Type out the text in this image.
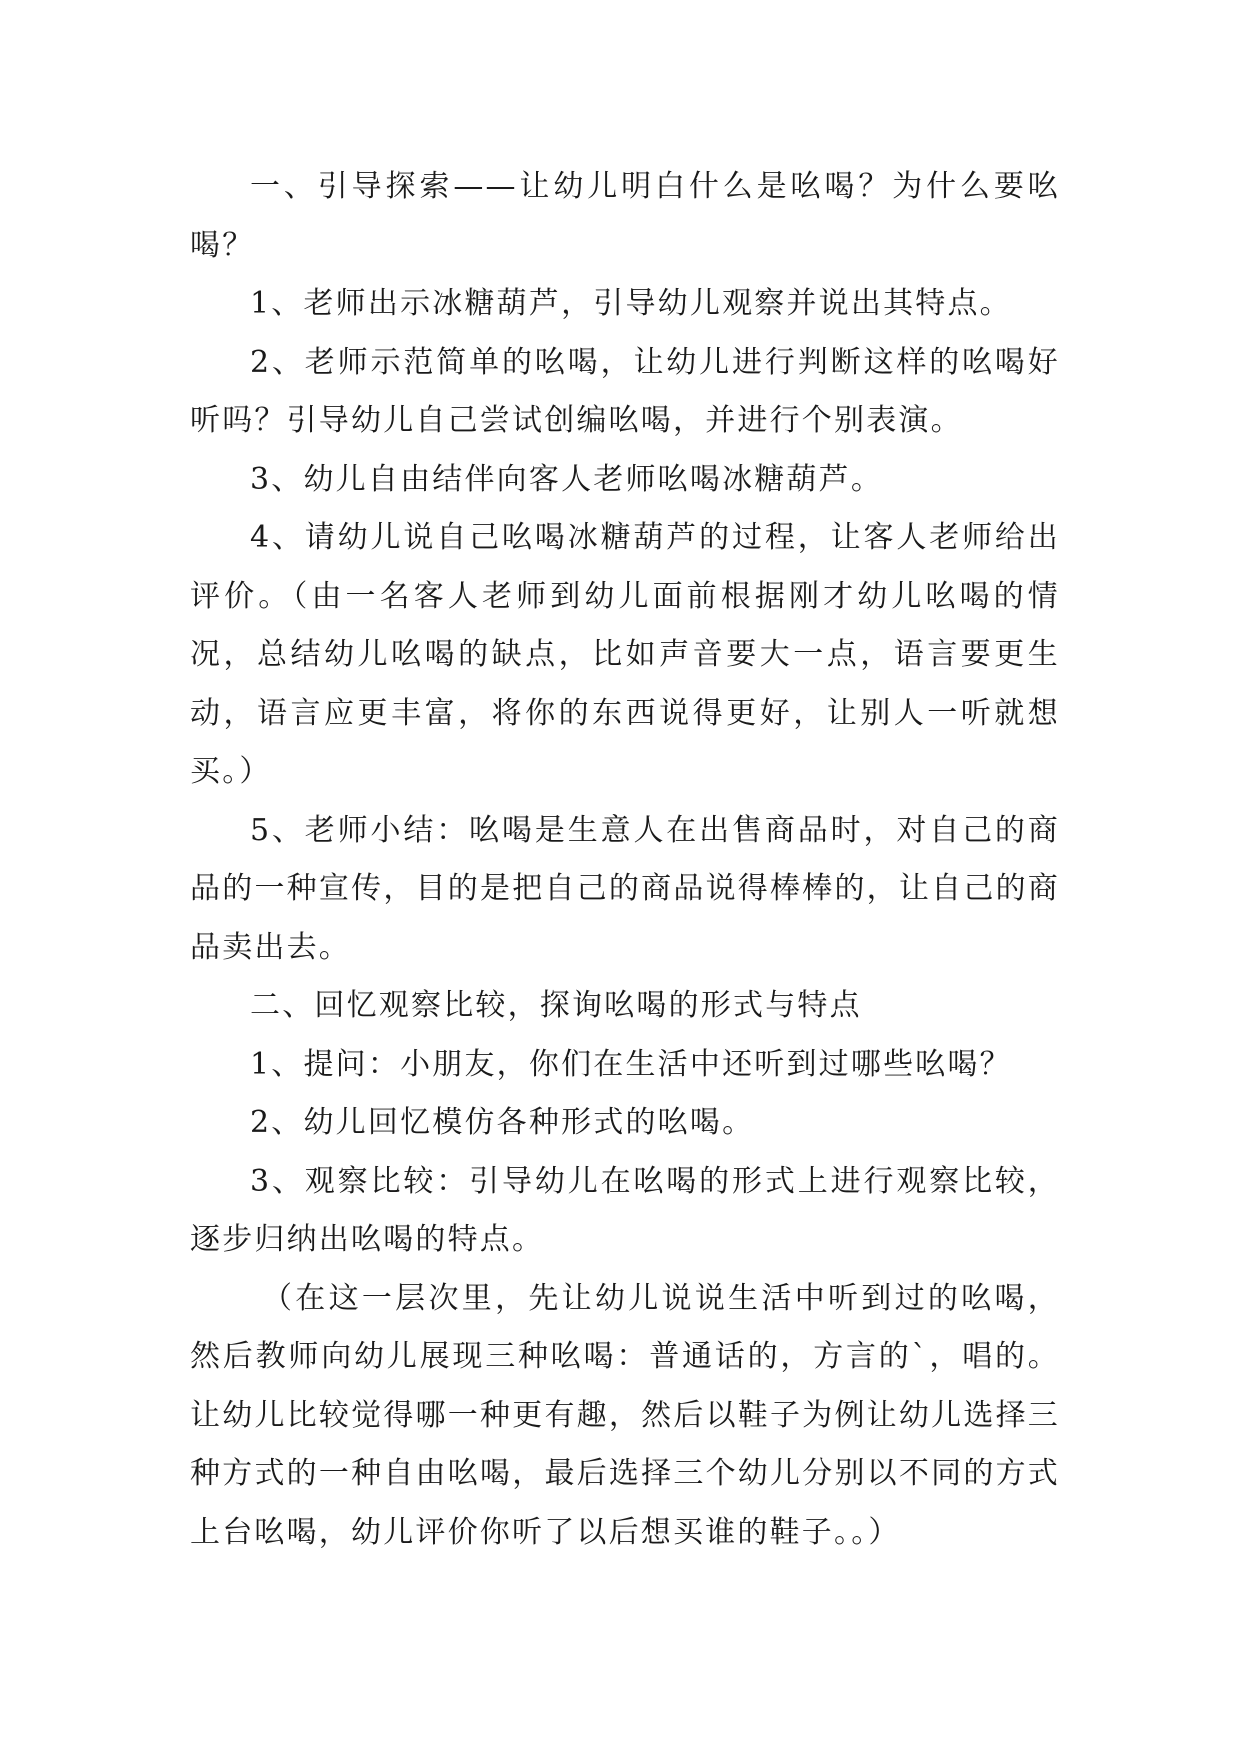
一、引导探索——让幼儿明白什么是吆喝？为什么要吆喝？

1、老师出示冰糖葫芦，引导幼儿观察并说出其特点。

2、老师示范简单的吆喝，让幼儿进行判断这样的吆喝好听吗？引导幼儿自己尝试创编吆喝，并进行个别表演。

3、幼儿自由结伴向客人老师吆喝冰糖葫芦。

4、请幼儿说自己吆喝冰糖葫芦的过程，让客人老师给出评价。（由一名客人老师到幼儿面前根据刚才幼儿吆喝的情况，总结幼儿吆喝的缺点，比如声音要大一点，语言要更生动，语言应更丰富，将你的东西说得更好，让别人一听就想买。）

5、老师小结：吆喝是生意人在出售商品时，对自己的商品的一种宣传，目的是把自己的商品说得棒棒的，让自己的商品卖出去。

二、回忆观察比较，探询吆喝的形式与特点

1、提问：小朋友，你们在生活中还听到过哪些吆喝？

2、幼儿回忆模仿各种形式的吆喝。

3、观察比较：引导幼儿在吆喝的形式上进行观察比较，逐步归纳出吆喝的特点。

（在这一层次里，先让幼儿说说生活中听到过的吆喝，然后教师向幼儿展现三种吆喝：普通话的，方言的`，唱的。让幼儿比较觉得哪一种更有趣，然后以鞋子为例让幼儿选择三种方式的一种自由吆喝，最后选择三个幼儿分别以不同的方式上台吆喝，幼儿评价你听了以后想买谁的鞋子。。）
